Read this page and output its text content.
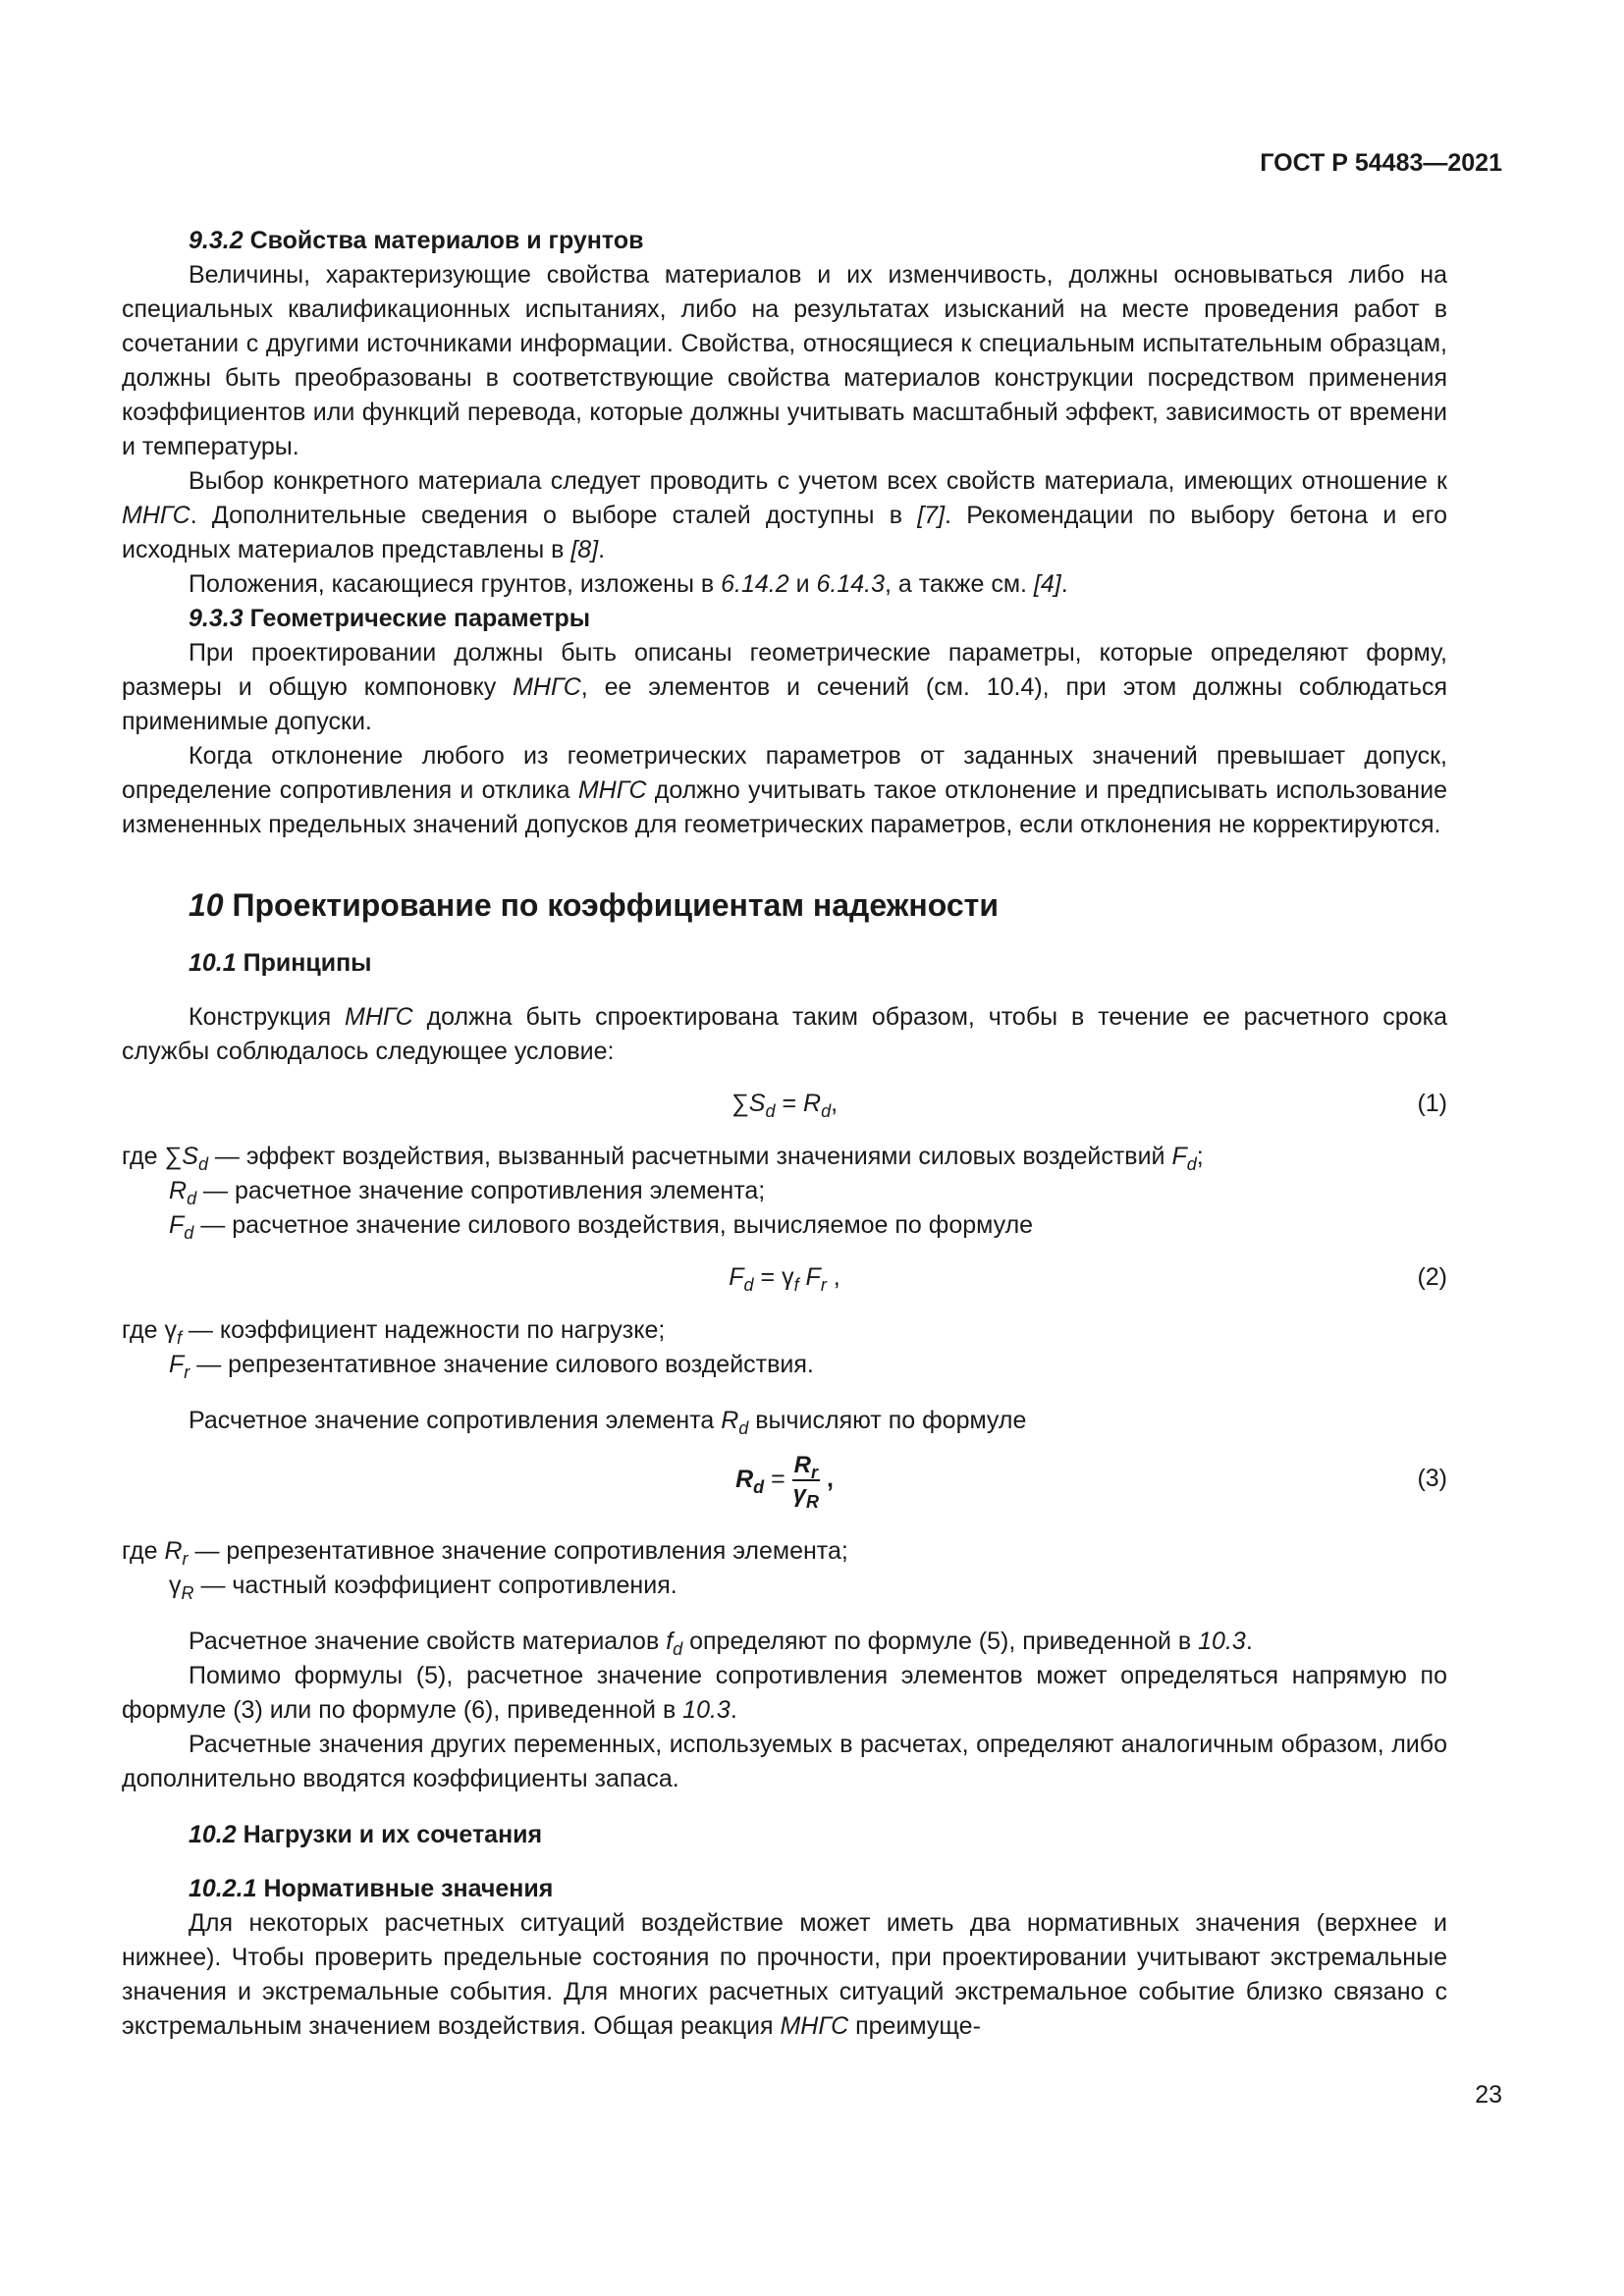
ГОСТ Р 54483—2021

9.3.2 Свойства материалов и грунтов

Величины, характеризующие свойства материалов и их изменчивость, должны основываться либо на специальных квалификационных испытаниях, либо на результатах изысканий на месте проведения работ в сочетании с другими источниками информации. Свойства, относящиеся к специальным испытательным образцам, должны быть преобразованы в соответствующие свойства материалов конструкции посредством применения коэффициентов или функций перевода, которые должны учитывать масштабный эффект, зависимость от времени и температуры.

Выбор конкретного материала следует проводить с учетом всех свойств материала, имеющих отношение к МНГС. Дополнительные сведения о выборе сталей доступны в [7]. Рекомендации по выбору бетона и его исходных материалов представлены в [8].

Положения, касающиеся грунтов, изложены в 6.14.2 и 6.14.3, а также см. [4].

9.3.3 Геометрические параметры

При проектировании должны быть описаны геометрические параметры, которые определяют форму, размеры и общую компоновку МНГС, ее элементов и сечений (см. 10.4), при этом должны соблюдаться применимые допуски.

Когда отклонение любого из геометрических параметров от заданных значений превышает допуск, определение сопротивления и отклика МНГС должно учитывать такое отклонение и предписывать использование измененных предельных значений допусков для геометрических параметров, если отклонения не корректируются.

10 Проектирование по коэффициентам надежности

10.1 Принципы

Конструкция МНГС должна быть спроектирована таким образом, чтобы в течение ее расчетного срока службы соблюдалось следующее условие:

$\sum S_d = R_d$,	(1)

где $\sum S_d$ — эффект воздействия, вызванный расчетными значениями силовых воздействий $F_d$;

$R_d$ — расчетное значение сопротивления элемента;

$F_d$ — расчетное значение силового воздействия, вычисляемое по формуле

$F_d = \gamma_f$ $F_r$ ,	(2)

где $\gamma_f$ — коэффициент надежности по нагрузке;

$F_r$ — репрезентативное значение силового воздействия.

Расчетное значение сопротивления элемента $R_d$ вычисляют по формуле

$R_d = \frac{R_r}{\gamma_R}$ ,	(3)

где $R_r$ — репрезентативное значение сопротивления элемента;

$\gamma_R$ — частный коэффициент сопротивления.

Расчетное значение свойств материалов $f_d$ определяют по формуле (5), приведенной в 10.3.

Помимо формулы (5), расчетное значение сопротивления элементов может определяться напрямую по формуле (3) или по формуле (6), приведенной в 10.3.

Расчетные значения других переменных, используемых в расчетах, определяют аналогичным образом, либо дополнительно вводятся коэффициенты запаса.

10.2 Нагрузки и их сочетания

10.2.1 Нормативные значения

Для некоторых расчетных ситуаций воздействие может иметь два нормативных значения (верхнее и нижнее). Чтобы проверить предельные состояния по прочности, при проектировании учитывают экстремальные значения и экстремальные события. Для многих расчетных ситуаций экстремальное событие близко связано с экстремальным значением воздействия. Общая реакция МНГС преимуще-

23
